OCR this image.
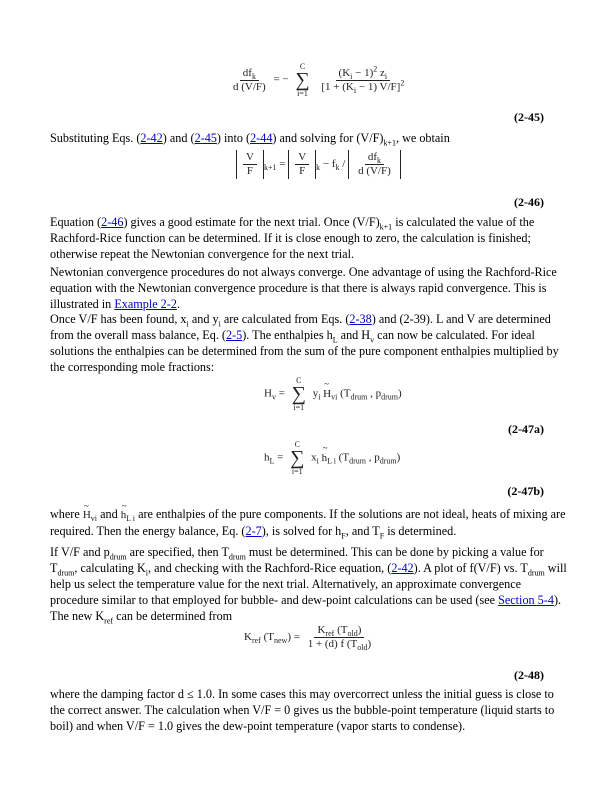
$\frac{df_k}{d (V/F)}$ = −
C
∑
i=1
$\frac{(K_i - 1)^2 z_i}{[1 + (K_i - 1) V/F]^2}$
(2-45)
Substituting Eqs. (2-42) and (2-45) into (2-44) and solving for $(V/F)_{k+1}$, we obtain
$\frac{V}{F} _{k+1} = \frac{V}{F} _k - f_k / \frac{df_k}{d (V/F)}$
(2-46)
Equation (2-46) gives a good estimate for the next trial. Once $(V/F)_{k+1}$ is calculated the value of the Rachford-Rice function can be determined. If it is close enough to zero, the calculation is finished; otherwise repeat the Newtonian convergence for the next trial.
Newtonian convergence procedures do not always converge. One advantage of using the Rachford-Rice equation with the Newtonian convergence procedure is that there is always rapid convergence. This is illustrated in Example 2-2.
Once V/F has been found, $x_i$ and $y_i$ are calculated from Eqs. (2-38) and (2-39). L and V are determined from the overall mass balance, Eq. (2-5). The enthalpies $h_L$ and $H_v$ can now be calculated. For ideal solutions the enthalpies can be determined from the sum of the pure component enthalpies multiplied by the corresponding mole fractions:
$H_v$ =
C
∑
i=1
$y_i$ ~ $H_{vi}$ ($T_{drum}$ , $p_{drum}$)
(2-47a)
$h_L$ =
C
∑
i=1
$x_i$ ~ $h_{L i}$ ($T_{drum}$ , $p_{drum}$)
(2-47b)
where ~ $H_{vi}$ and ~ $h_{L i}$ are enthalpies of the pure components. If the solutions are not ideal, heats of mixing are required. Then the energy balance, Eq. (2-7), is solved for $h_F$, and $T_F$ is determined.
If V/F and $p_{drum}$ are specified, then $T_{drum}$ must be determined. This can be done by picking a value for $T_{drum}$, calculating $K_i$, and checking with the Rachford-Rice equation, (2-42). A plot of f(V/F) vs. $T_{drum}$ will help us select the temperature value for the next trial. Alternatively, an approximate convergence procedure similar to that employed for bubble- and dew-point calculations can be used (see Section 5-4). The new $K_{ref}$ can be determined from
$K_{ref}$ $(T_{new}) = \frac{K_{ref} (T_{old})}{1 + (d) f (T_{old})}$
(2-48)
where the damping factor d ≤ 1.0. In some cases this may overcorrect unless the initial guess is close to the correct answer. The calculation when V/F = 0 gives us the bubble-point temperature (liquid starts to boil) and when V/F = 1.0 gives the dew-point temperature (vapor starts to condense).
